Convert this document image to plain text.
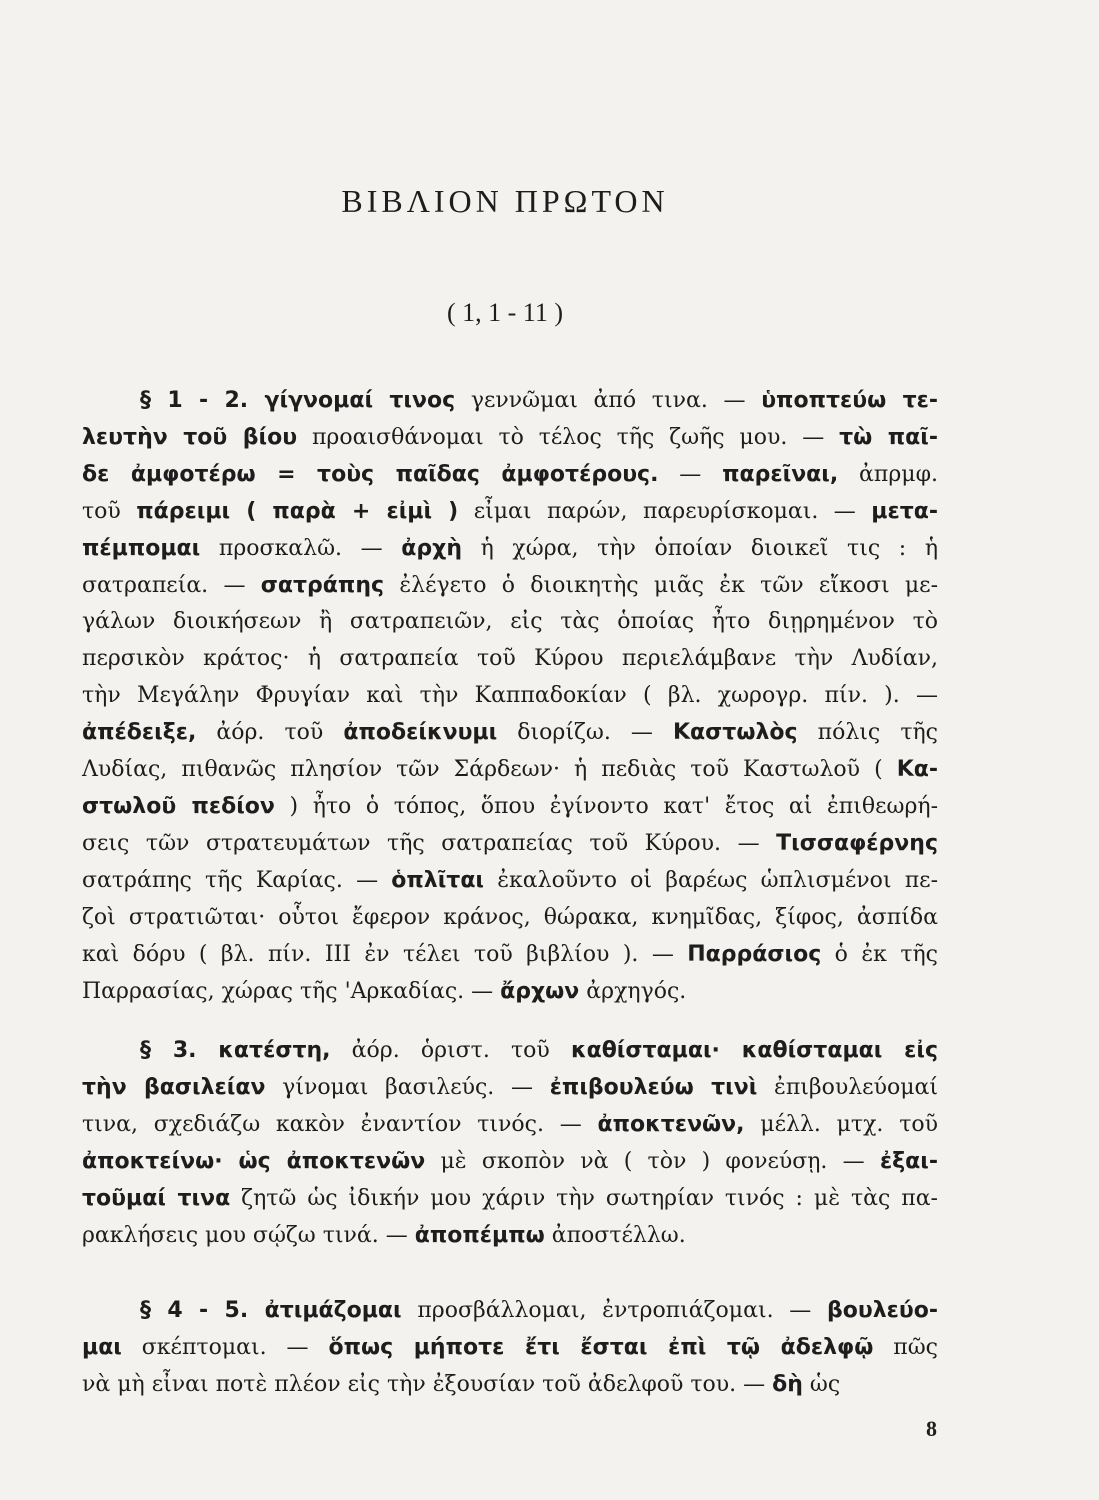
ΒΙΒΛΙΟΝ ΠΡΩΤΟΝ
( 1, 1 - 11 )
§ 1 - 2. γίγνομαί τινος γεννῶμαι ἀπό τινα. — ὑποπτεύω τε-
λευτὴν τοῦ βίου προαισθάνομαι τὸ τέλος τῆς ζωῆς μου. — τὼ παῖ-
δε ἀμφοτέρω = τοὺς παῖδας ἀμφοτέρους. — παρεῖναι, ἀπρμφ.
τοῦ πάρειμι ( παρὰ + εἰμὶ ) εἶμαι παρών, παρευρίσκομαι. — μετα-
πέμπομαι προσκαλῶ. — ἀρχὴ ἡ χώρα, τὴν ὁποίαν διοικεῖ τις : ἡ
σατραπεία. — σατράπης ἐλέγετο ὁ διοικητὴς μιᾶς ἐκ τῶν εἴκοσι με-
γάλων διοικήσεων ἢ σατραπειῶν, εἰς τὰς ὁποίας ἦτο διῃρημένον τὸ
περσικὸν κράτος· ἡ σατραπεία τοῦ Κύρου περιελάμβανε τὴν Λυδίαν,
τὴν Μεγάλην Φρυγίαν καὶ τὴν Καππαδοκίαν ( βλ. χωρογρ. πίν. ). —
ἀπέδειξε, ἀόρ. τοῦ ἀποδείκνυμι διορίζω. — Καστωλὸς πόλις τῆς
Λυδίας, πιθανῶς πλησίον τῶν Σάρδεων· ἡ πεδιὰς τοῦ Καστωλοῦ ( Κα-
στωλοῦ πεδίον ) ἦτο ὁ τόπος, ὅπου ἐγίνοντο κατ' ἔτος αἱ ἐπιθεωρή-
σεις τῶν στρατευμάτων τῆς σατραπείας τοῦ Κύρου. — Τισσαφέρνης
σατράπης τῆς Καρίας. — ὁπλῖται ἐκαλοῦντο οἱ βαρέως ὡπλισμένοι πε-
ζοὶ στρατιῶται· οὗτοι ἔφερον κράνος, θώρακα, κνημῖδας, ξίφος, ἀσπίδα
καὶ δόρυ ( βλ. πίν. III ἐν τέλει τοῦ βιβλίου ). — Παρράσιος ὁ ἐκ τῆς
Παρρασίας, χώρας τῆς 'Αρκαδίας. — ἄρχων ἀρχηγός.
§ 3. κατέστη, ἀόρ. ὁριστ. τοῦ καθίσταμαι· καθίσταμαι εἰς
τὴν βασιλείαν γίνομαι βασιλεύς. — ἐπιβουλεύω τινὶ ἐπιβουλεύομαί
τινα, σχεδιάζω κακὸν ἐναντίον τινός. — ἀποκτενῶν, μέλλ. μτχ. τοῦ
ἀποκτείνω· ὡς ἀποκτενῶν μὲ σκοπὸν νὰ ( τὸν ) φονεύσῃ. — ἐξαι-
τοῦμαί τινα ζητῶ ὡς ἰδικήν μου χάριν τὴν σωτηρίαν τινός : μὲ τὰς πα-
ρακλήσεις μου σῴζω τινά. — ἀποπέμπω ἀποστέλλω.
§ 4 - 5. ἀτιμάζομαι προσβάλλομαι, ἐντροπιάζομαι. — βουλεύο-
μαι σκέπτομαι. — ὅπως μήποτε ἔτι ἔσται ἐπὶ τῷ ἀδελφῷ πῶς
νὰ μὴ εἶναι ποτὲ πλέον εἰς τὴν ἐξουσίαν τοῦ ἀδελφοῦ του. — δὴ ὡς
8
